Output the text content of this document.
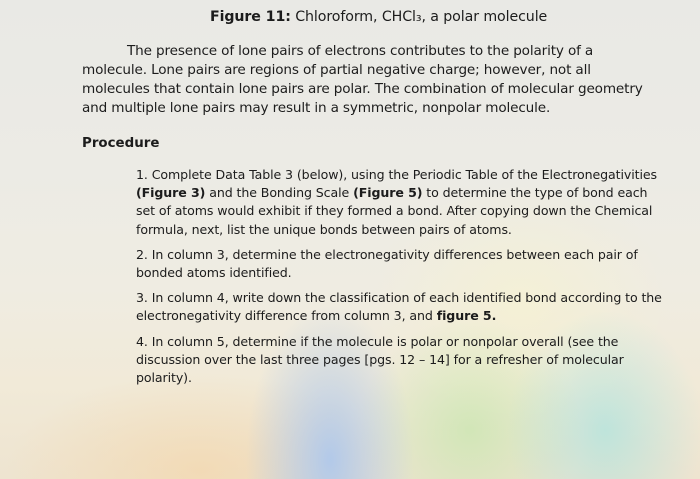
Figure 11: Chloroform, CHCl₃, a polar molecule

The presence of lone pairs of electrons contributes to the polarity of a molecule. Lone pairs are regions of partial negative charge; however, not all molecules that contain lone pairs are polar. The combination of molecular geometry and multiple lone pairs may result in a symmetric, nonpolar molecule.

Procedure
1. Complete Data Table 3 (below), using the Periodic Table of the Electronegativities (Figure 3) and the Bonding Scale (Figure 5) to determine the type of bond each set of atoms would exhibit if they formed a bond. After copying down the Chemical formula, next, list the unique bonds between pairs of atoms.
2. In column 3, determine the electronegativity differences between each pair of bonded atoms identified.
3. In column 4, write down the classification of each identified bond according to the electronegativity difference from column 3, and figure 5.
4. In column 5, determine if the molecule is polar or nonpolar overall (see the discussion over the last three pages [pgs. 12 – 14] for a refresher of molecular polarity).
